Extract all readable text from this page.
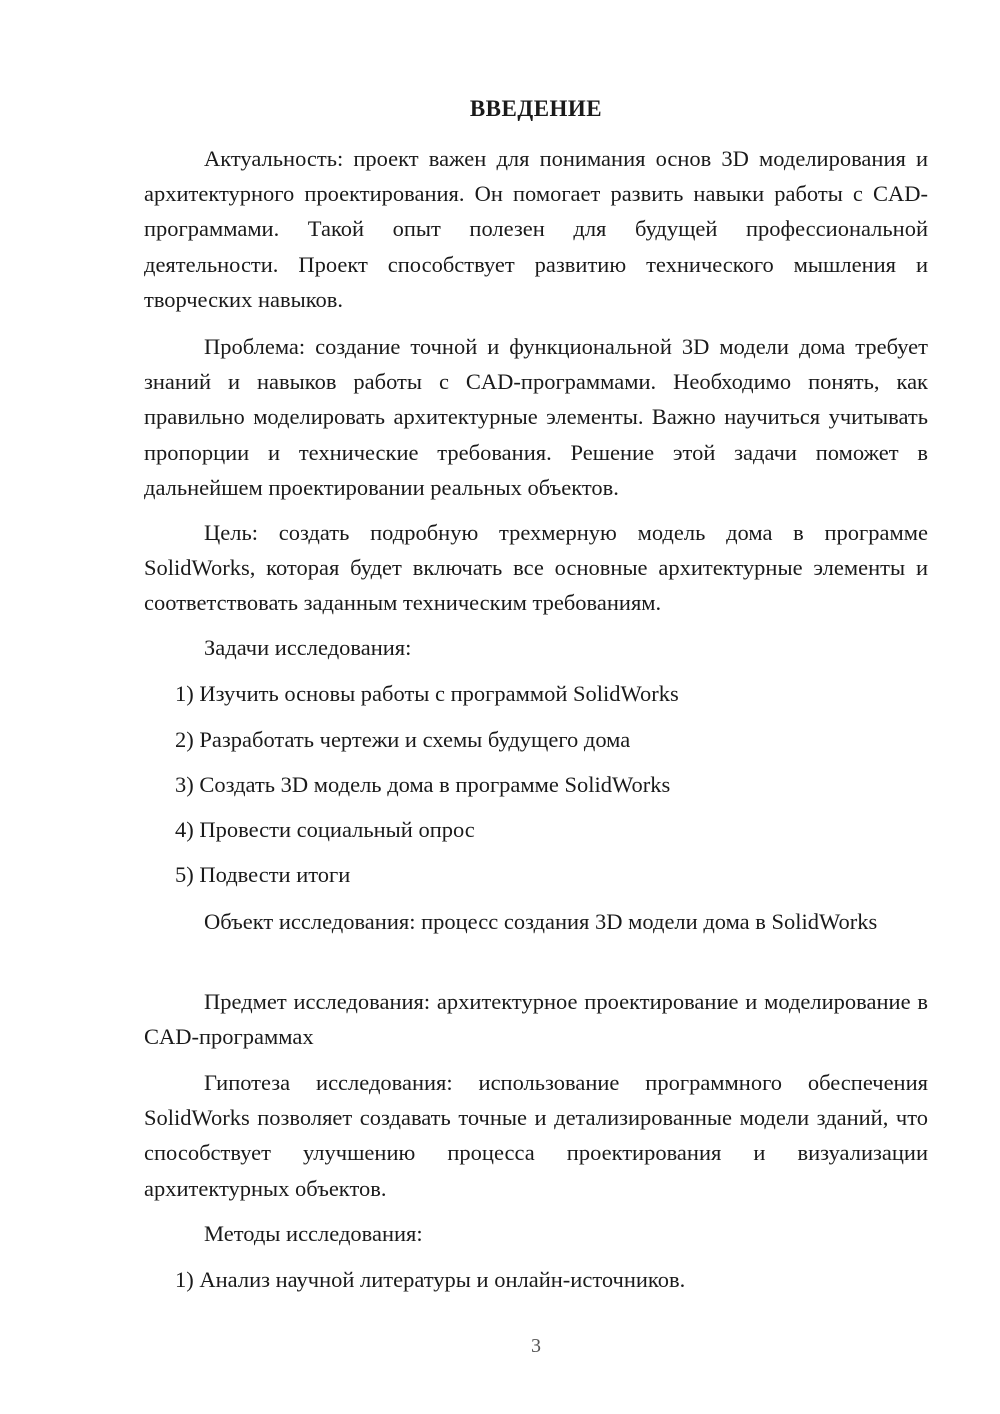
ВВЕДЕНИЕ

Актуальность: проект важен для понимания основ 3D моделирования и архитектурного проектирования. Он помогает развить навыки работы с CAD-программами. Такой опыт полезен для будущей профессиональной деятельности. Проект способствует развитию технического мышления и творческих навыков.

Проблема: создание точной и функциональной 3D модели дома требует знаний и навыков работы с CAD-программами. Необходимо понять, как правильно моделировать архитектурные элементы. Важно научиться учитывать пропорции и технические требования. Решение этой задачи поможет в дальнейшем проектировании реальных объектов.

Цель: создать подробную трехмерную модель дома в программе SolidWorks, которая будет включать все основные архитектурные элементы и соответствовать заданным техническим требованиям.

Задачи исследования:

1) Изучить основы работы с программой SolidWorks
2) Разработать чертежи и схемы будущего дома
3) Создать 3D модель дома в программе SolidWorks
4) Провести социальный опрос
5) Подвести итоги

Объект исследования: процесс создания 3D модели дома в SolidWorks

Предмет исследования: архитектурное проектирование и моделирование в CAD-программах

Гипотеза исследования: использование программного обеспечения SolidWorks позволяет создавать точные и детализированные модели зданий, что способствует улучшению процесса проектирования и визуализации архитектурных объектов.

Методы исследования:

1) Анализ научной литературы и онлайн-источников.
3
